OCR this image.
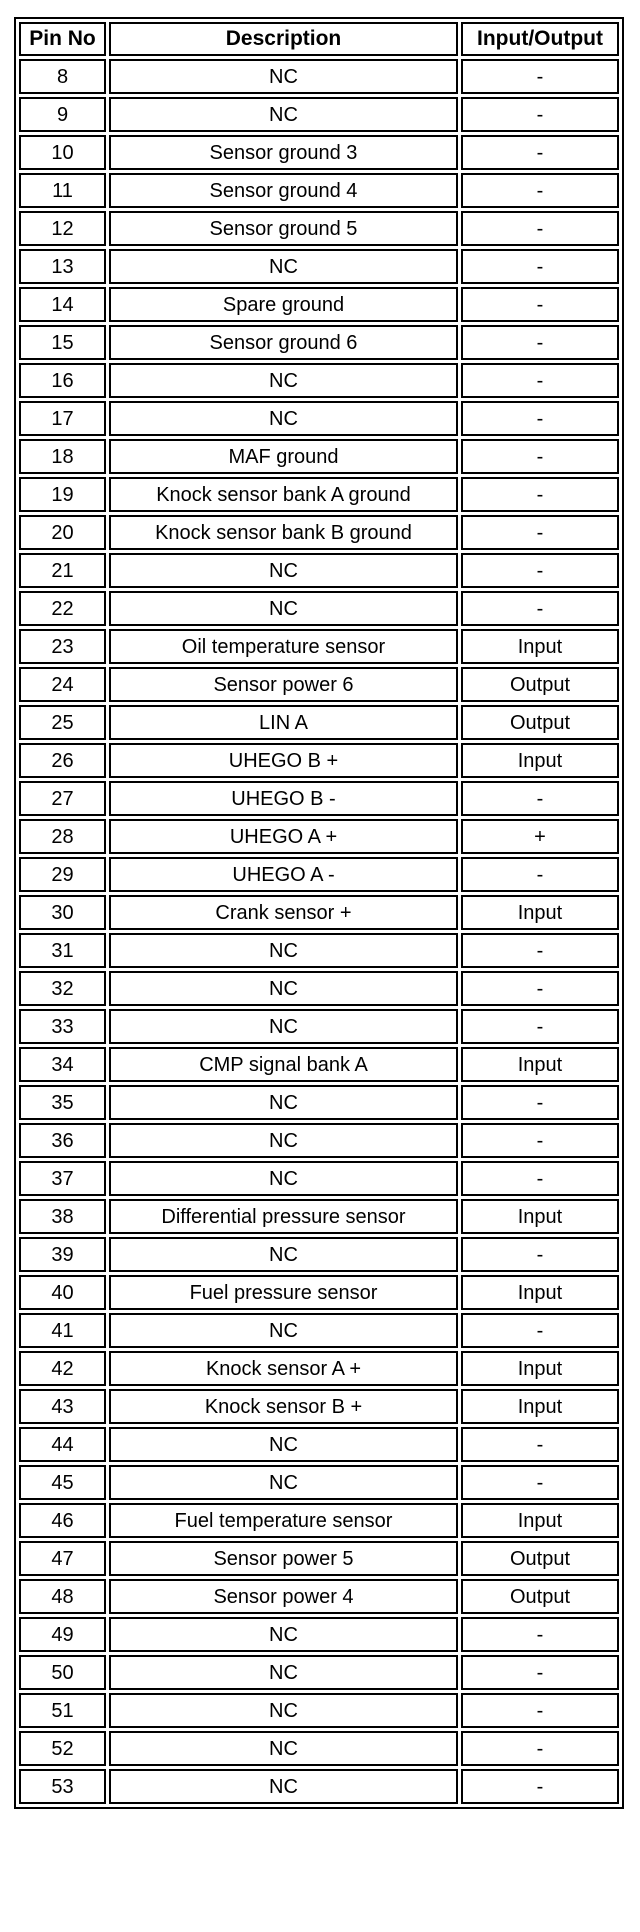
Pin No	Description	Input/Output
8	NC	-
9	NC	-
10	Sensor ground 3	-
11	Sensor ground 4	-
12	Sensor ground 5	-
13	NC	-
14	Spare ground	-
15	Sensor ground 6	-
16	NC	-
17	NC	-
18	MAF ground	-
19	Knock sensor bank A ground	-
20	Knock sensor bank B ground	-
21	NC	-
22	NC	-
23	Oil temperature sensor	Input
24	Sensor power 6	Output
25	LIN A	Output
26	UHEGO B +	Input
27	UHEGO B -	-
28	UHEGO A +	+
29	UHEGO A -	-
30	Crank sensor +	Input
31	NC	-
32	NC	-
33	NC	-
34	CMP signal bank A	Input
35	NC	-
36	NC	-
37	NC	-
38	Differential pressure sensor	Input
39	NC	-
40	Fuel pressure sensor	Input
41	NC	-
42	Knock sensor A +	Input
43	Knock sensor B +	Input
44	NC	-
45	NC	-
46	Fuel temperature sensor	Input
47	Sensor power 5	Output
48	Sensor power 4	Output
49	NC	-
50	NC	-
51	NC	-
52	NC	-
53	NC	-
